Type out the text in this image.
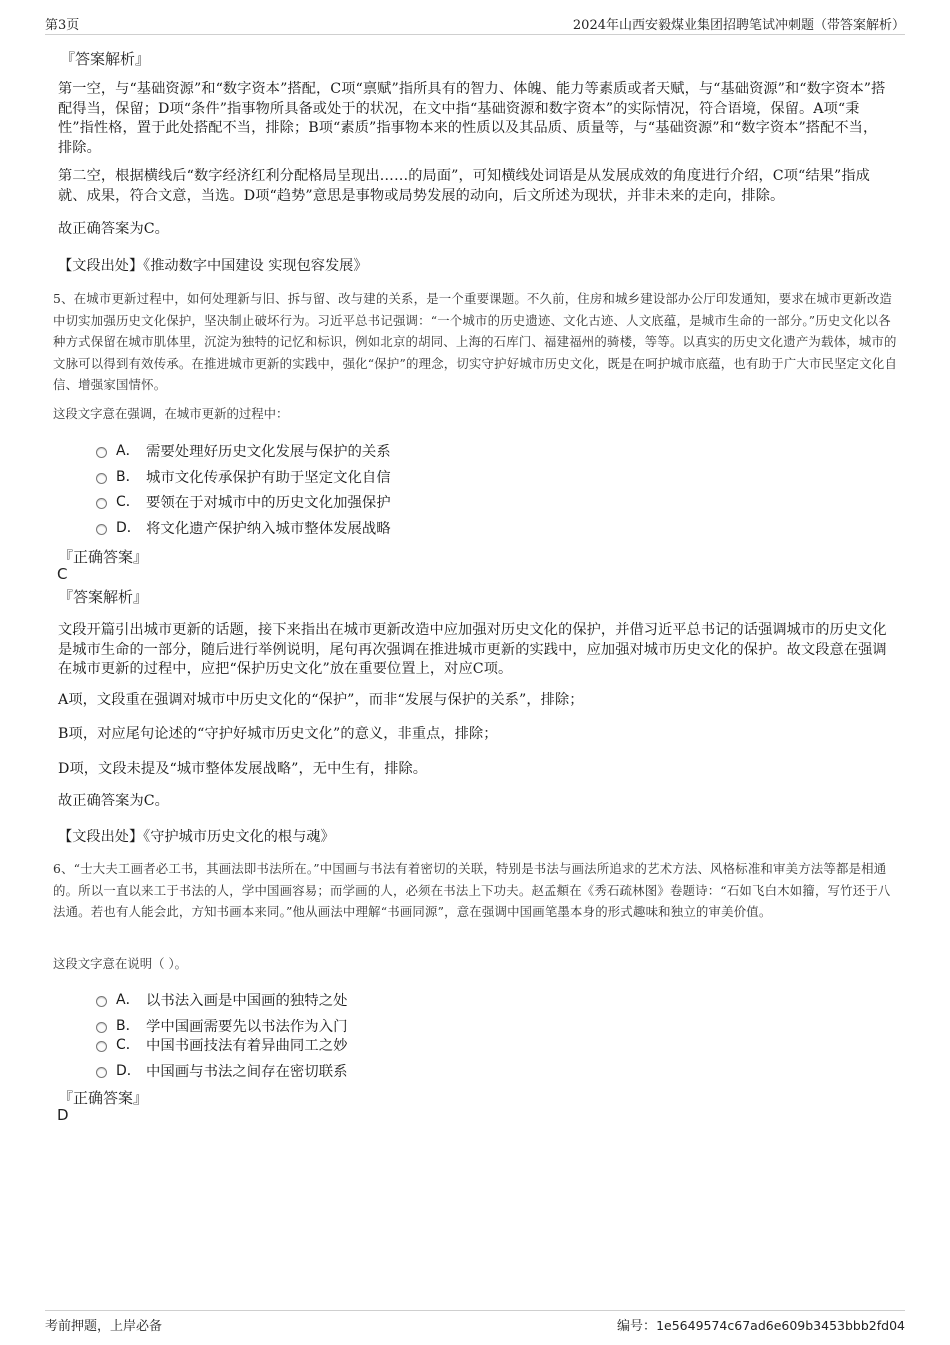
第3页	2024年山西安毅煤业集团招聘笔试冲刺题（带答案解析）
『答案解析』
第一空，与“基础资源”和“数字资本”搭配，C项“禀赋”指所具有的智力、体魄、能力等素质或者天赋，与“基础资源”和“数字资本”搭配得当，保留；D项“条件”指事物所具备或处于的状况，在文中指“基础资源和数字资本”的实际情况，符合语境，保留。A项“秉性”指性格，置于此处搭配不当，排除；B项“素质”指事物本来的性质以及其品质、质量等，与“基础资源”和“数字资本”搭配不当，排除。
第二空，根据横线后“数字经济红利分配格局呈现出……的局面”，可知横线处词语是从发展成效的角度进行介绍，C项“结果”指成就、成果，符合文意，当选。D项“趋势”意思是事物或局势发展的动向，后文所述为现状，并非未来的走向，排除。
故正确答案为C。
【文段出处】《推动数字中国建设 实现包容发展》
5、在城市更新过程中，如何处理新与旧、拆与留、改与建的关系，是一个重要课题。不久前，住房和城乡建设部办公厅印发通知，要求在城市更新改造中切实加强历史文化保护，坚决制止破坏行为。习近平总书记强调：“一个城市的历史遗迹、文化古迹、人文底蕴，是城市生命的一部分。”历史文化以各种方式保留在城市肌体里，沉淀为独特的记忆和标识，例如北京的胡同、上海的石库门、福建福州的骑楼，等等。以真实的历史文化遗产为载体，城市的文脉可以得到有效传承。在推进城市更新的实践中，强化“保护”的理念，切实守护好城市历史文化，既是在呵护城市底蕴，也有助于广大市民坚定文化自信、增强家国情怀。
这段文字意在强调，在城市更新的过程中：
A． 需要处理好历史文化发展与保护的关系
B． 城市文化传承保护有助于坚定文化自信
C． 要领在于对城市中的历史文化加强保护
D． 将文化遗产保护纳入城市整体发展战略
『正确答案』
C
『答案解析』
文段开篇引出城市更新的话题，接下来指出在城市更新改造中应加强对历史文化的保护，并借习近平总书记的话强调城市的历史文化是城市生命的一部分，随后进行举例说明，尾句再次强调在推进城市更新的实践中，应加强对城市历史文化的保护。故文段意在强调在城市更新的过程中，应把“保护历史文化”放在重要位置上，对应C项。
A项，文段重在强调对城市中历史文化的“保护”，而非“发展与保护的关系”，排除；
B项，对应尾句论述的“守护好城市历史文化”的意义，非重点，排除；
D项，文段未提及“城市整体发展战略”，无中生有，排除。
故正确答案为C。
【文段出处】《守护城市历史文化的根与魂》
6、“士大夫工画者必工书，其画法即书法所在。”中国画与书法有着密切的关联，特别是书法与画法所追求的艺术方法、风格标准和审美方法等都是相通的。所以一直以来工于书法的人，学中国画容易；而学画的人，必须在书法上下功夫。赵孟頫在《秀石疏林图》卷题诗：“石如飞白木如籀，写竹还于八法通。若也有人能会此，方知书画本来同。”他从画法中理解“书画同源”，意在强调中国画笔墨本身的形式趣味和独立的审美价值。
这段文字意在说明（ ）。
A． 以书法入画是中国画的独特之处
B． 学中国画需要先以书法作为入门
C． 中国书画技法有着异曲同工之妙
D． 中国画与书法之间存在密切联系
『正确答案』
D
考前押题，上岸必备	编号：1e5649574c67ad6e609b3453bbb2fd04
